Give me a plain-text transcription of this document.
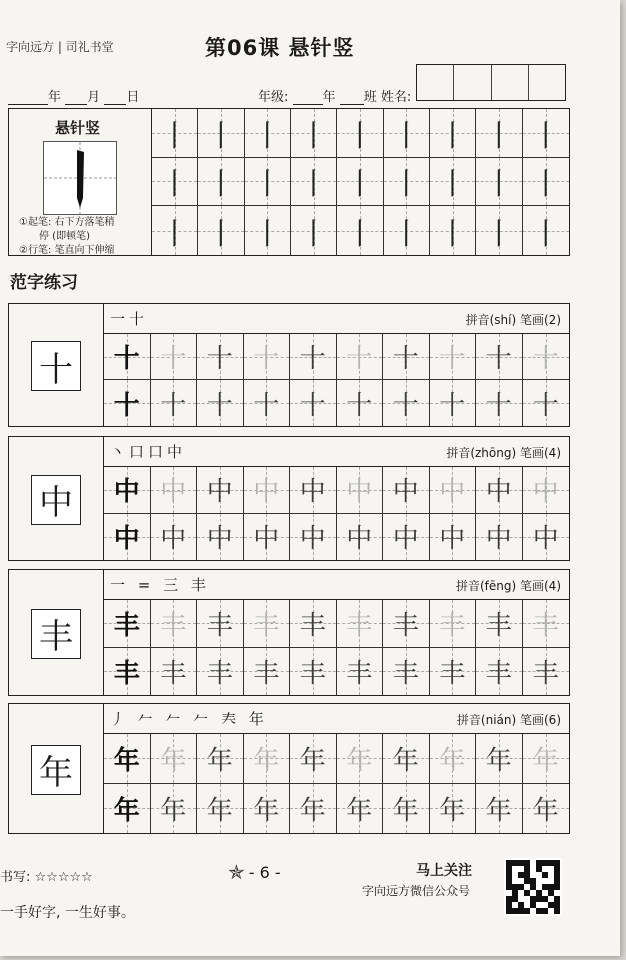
字向远方 | 司礼书堂	第06课 悬针竖
年 月 日	年级:	年 班 姓名:
悬针竖
①起笔: 右下方落笔稍
停 (即顿笔)
②行笔: 笔直向下伸缩
丨 丨 丨 丨 丨 丨 丨 丨 丨
丨 丨 丨 丨 丨 丨 丨 丨 丨
丨 丨 丨 丨 丨 丨 丨 丨 丨
范字练习
十
一十	拼音(shí) 笔画(2)
十 十 十 十 十 十 十 十 十 十
十 十 十 十 十 十 十 十 十 十
中
丶口口中	拼音(zhōng) 笔画(4)
中 中 中 中 中 中 中 中 中 中
中 中 中 中 中 中 中 中 中 中
丰
一 = 三 丰	拼音(fēng) 笔画(4)
丰 丰 丰 丰 丰 丰 丰 丰 丰 丰
丰 丰 丰 丰 丰 丰 丰 丰 丰 丰
年
丿 𠂉 𠂉 𠂉 𡗗 年	拼音(nián) 笔画(6)
年 年 年 年 年 年 年 年 年 年
年 年 年 年 年 年 年 年 年 年
书写: ☆☆☆☆☆
一手好字, 一生好事。
✯ - 6 -	马上关注
字向远方微信公众号
